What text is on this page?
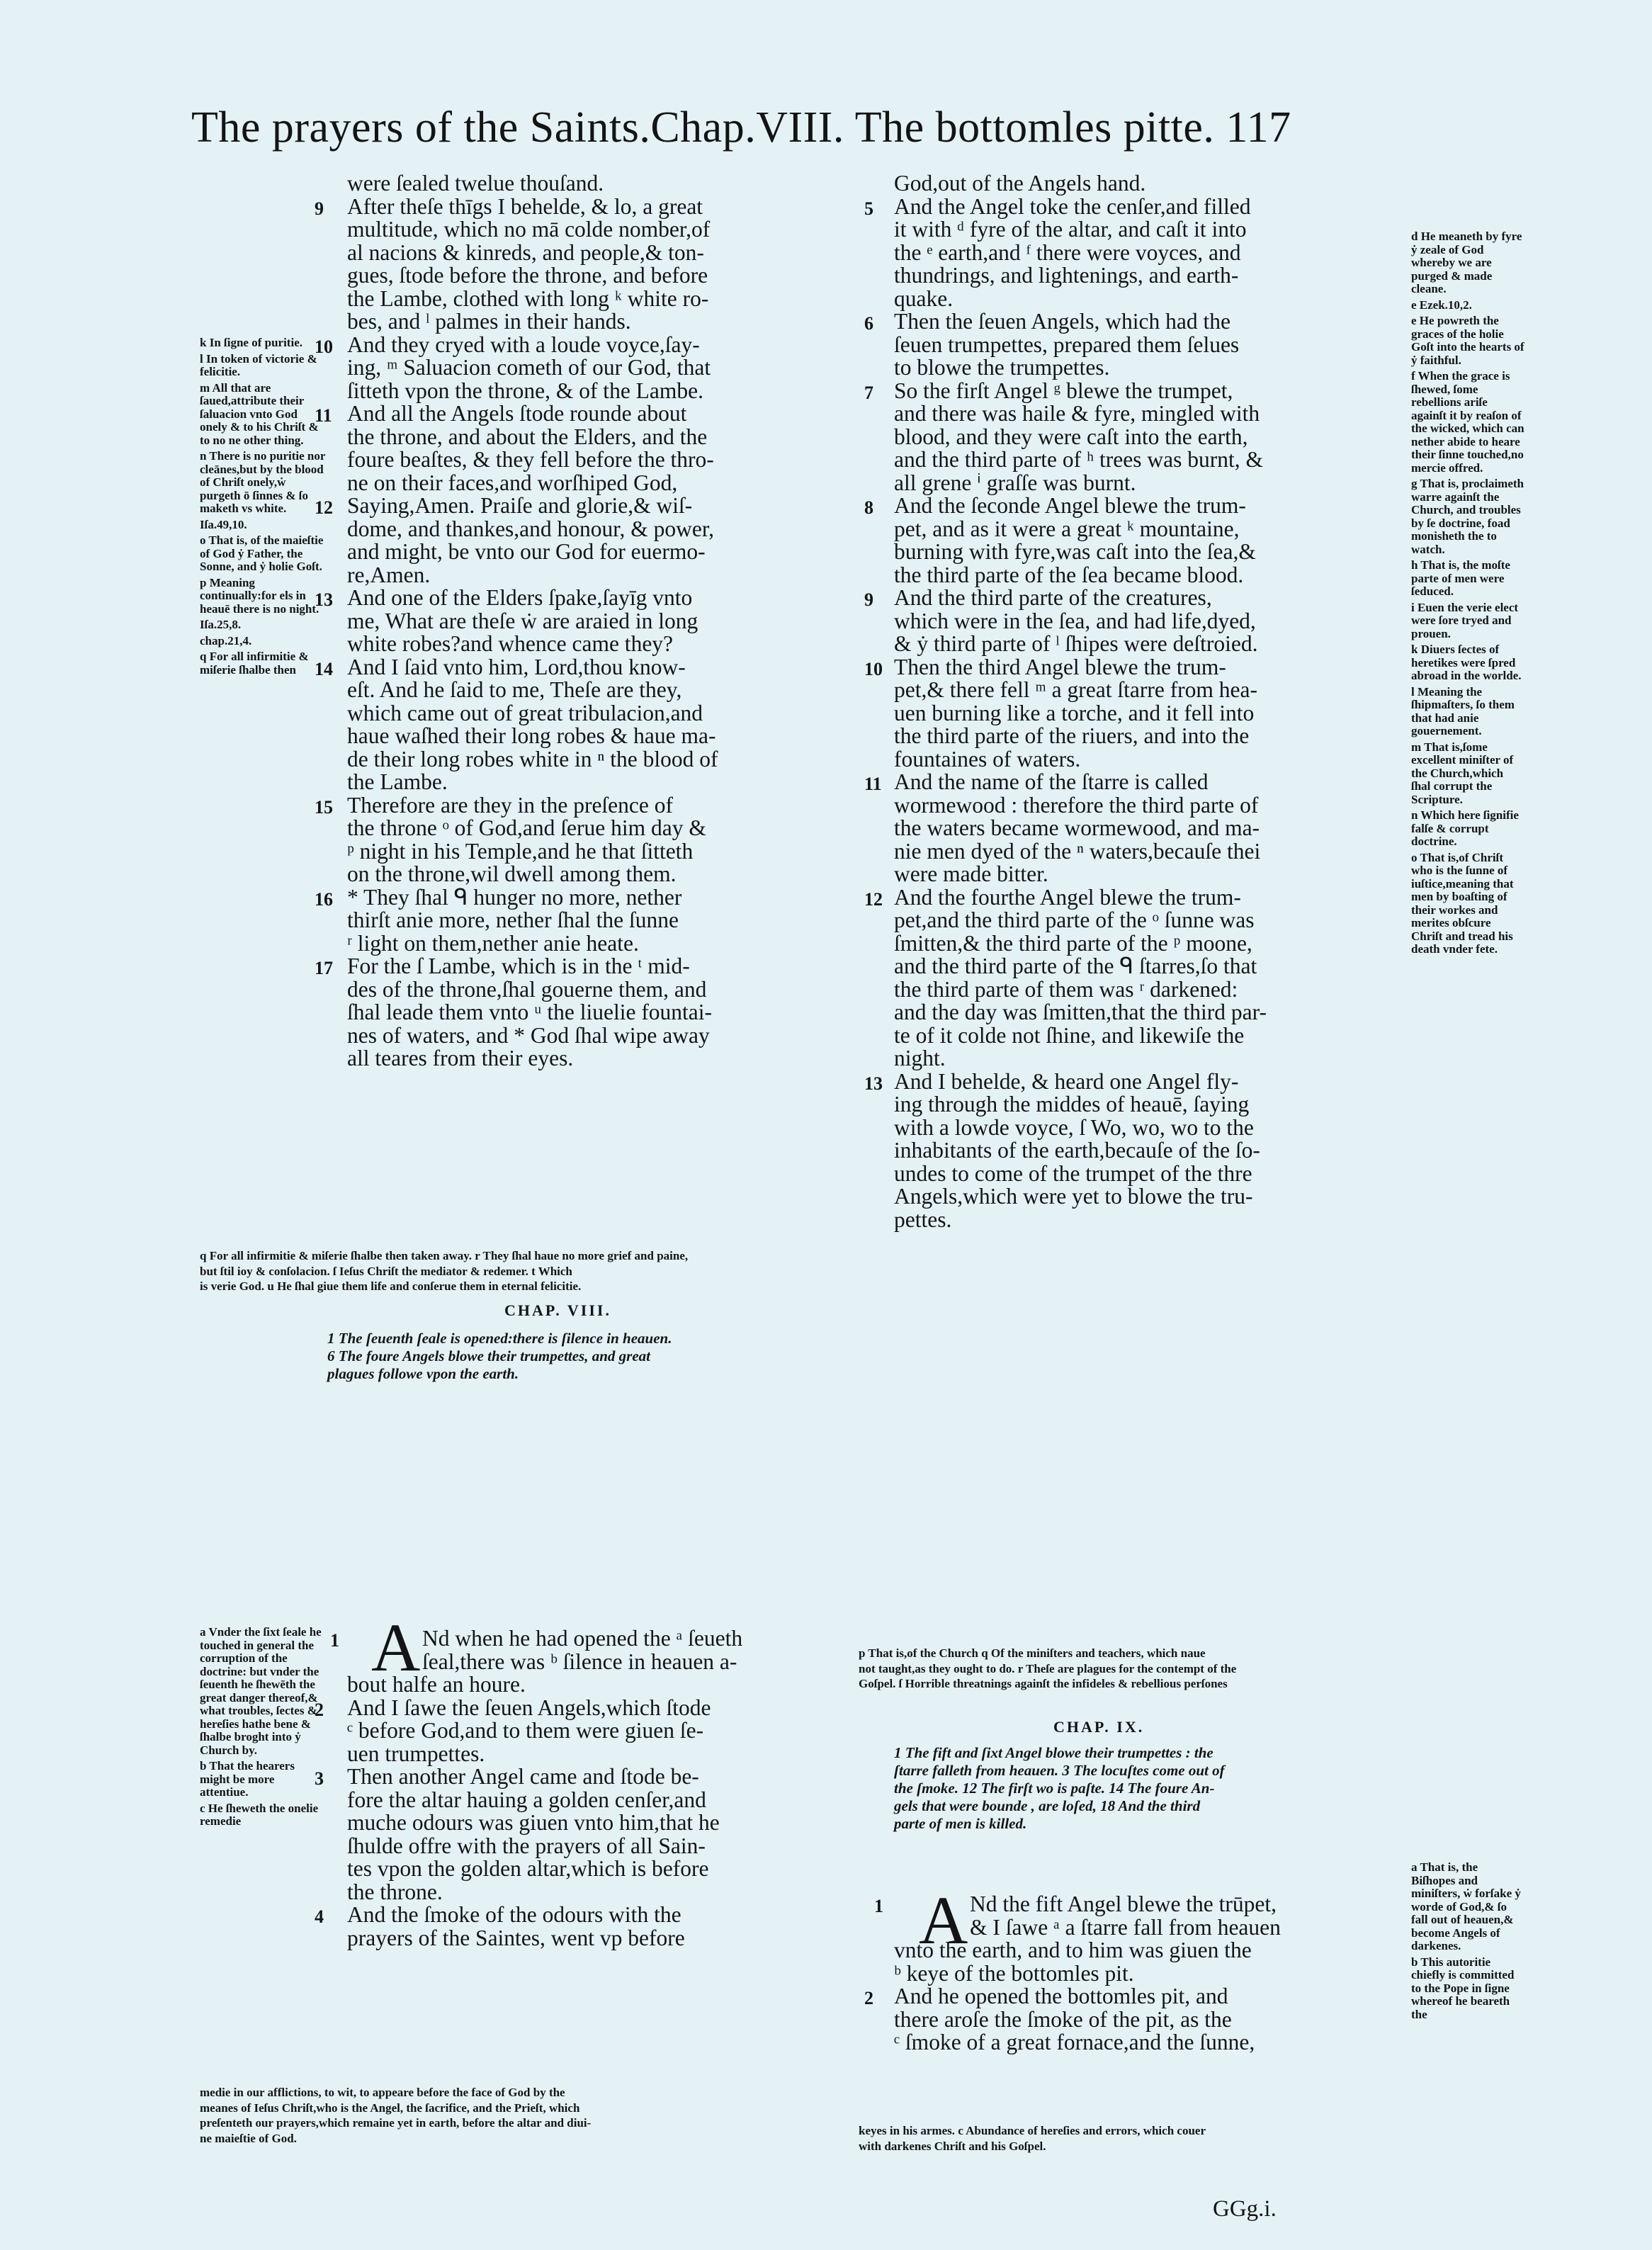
The prayers of the Saints.Chap.VIII. The bottomles pitte. 117
were ſealed twelue thouſand.
9 After theſe thīgs I behelde, & lo, a great
multitude, which no mā colde nomber,of
al nacions & kinreds, and people,& ton-
gues, ſtode before the throne, and before
the Lambe, clothed with long ᵏ white ro-
bes, and ˡ palmes in their hands.
10 And they cryed with a loude voyce,ſay-
ing, ᵐ Saluacion cometh of our God, that
ſitteth vpon the throne, & of the Lambe.
11 And all the Angels ſtode rounde about
the throne, and about the Elders, and the
foure beaſtes, & they fell before the thro-
ne on their faces,and worſhiped God,
12 Saying,Amen. Praiſe and glorie,& wiſ-
dome, and thankes,and honour, & power,
and might, be vnto our God for euermo-
re,Amen.
13 And one of the Elders ſpake,ſayīg vnto
me, What are theſe ẇ are araied in long
white robes?and whence came they?
14 And I ſaid vnto him, Lord,thou know-
eſt. And he ſaid to me, Theſe are they,
which came out of great tribulacion,and
haue waſhed their long robes & haue ma-
de their long robes white in ⁿ the blood of
the Lambe.
15 Therefore are they in the preſence of
the throne ᵒ of God,and ſerue him day &
ᵖ night in his Temple,and he that ſitteth
on the throne,wil dwell among them.
16 * They ſhal ᑫ hunger no more, nether
thirſt anie more, nether ſhal the ſunne
ʳ light on them,nether anie heate.
17 For the ſ Lambe, which is in the ᵗ mid-
des of the throne,ſhal gouerne them, and
ſhal leade them vnto ᵘ the liuelie fountai-
nes of waters, and * God ſhal wipe away
all teares from their eyes.
k In ſigne of puritie.
l In token of victorie & felicitie.
m All that are ſaued,attribute their ſaluacion vnto God onely & to his Chriſt & to no ne other thing.
n There is no puritie nor cleānes,but by the blood of Chriſt onely,ẇ purgeth ō ſinnes & ſo maketh vs white.
Iſa.49,10.
o That is, of the maieſtie of God ẏ Father, the Sonne, and ẏ holie Goſt.
p Meaning continually:for els in heauē there is no night.
Iſa.25,8.
chap.21,4.
q For all infirmitie & miſerie ſhalbe then
q For all infirmitie & miſerie ſhalbe then taken away. r They ſhal haue no more grief and paine,
but ſtil ioy & conſolacion. ſ Ieſus Chriſt the mediator & redemer. t Which
is verie God. u He ſhal giue them life and conſerue them in eternal felicitie.
CHAP. VIII.
1 The ſeuenth ſeale is opened:there is ſilence in heauen.
6 The foure Angels blowe their trumpettes, and great
plagues followe vpon the earth.
A Nd when he had opened the ᵃ ſeueth
ſeal,there was ᵇ ſilence in heauen a-
1
bout halfe an houre.
2 And I ſawe the ſeuen Angels,which ſtode
ᶜ before God,and to them were giuen ſe-
uen trumpettes.
3 Then another Angel came and ſtode be-
fore the altar hauing a golden cenſer,and
muche odours was giuen vnto him,that he
ſhulde offre with the prayers of all Sain-
tes vpon the golden altar,which is before
the throne.
4 And the ſmoke of the odours with the
prayers of the Saintes, went vp before
a Vnder the ſixt ſeale he touched in general the corruption of the doctrine: but vnder the ſeuenth he ſhewēth the great danger thereof,& what troubles, ſectes & hereſies hathe bene & ſhalbe broght into ẏ Church by.
b That the hearers might be more attentiue.
c He ſheweth the onelie remedie
medie in our afflictions, to wit, to appeare before the face of God by the
meanes of Ieſus Chriſt,who is the Angel, the ſacrifice, and the Prieſt, which
preſenteth our prayers,which remaine yet in earth, before the altar and diui-
ne maieſtie of God.
God,out of the Angels hand.
5 And the Angel toke the cenſer,and filled
it with ᵈ fyre of the altar, and caſt it into
the ᵉ earth,and ᶠ there were voyces, and
thundrings, and lightenings, and earth-
quake.
6 Then the ſeuen Angels, which had the
ſeuen trumpettes, prepared them ſelues
to blowe the trumpettes.
7 So the firſt Angel ᵍ blewe the trumpet,
and there was haile & fyre, mingled with
blood, and they were caſt into the earth,
and the third parte of ʰ trees was burnt, &
all grene ⁱ graſſe was burnt.
8 And the ſeconde Angel blewe the trum-
pet, and as it were a great ᵏ mountaine,
burning with fyre,was caſt into the ſea,&
the third parte of the ſea became blood.
9 And the third parte of the creatures,
which were in the ſea, and had life,dyed,
& ẏ third parte of ˡ ſhipes were deſtroied.
10 Then the third Angel blewe the trum-
pet,& there fell ᵐ a great ſtarre from hea-
uen burning like a torche, and it fell into
the third parte of the riuers, and into the
fountaines of waters.
11 And the name of the ſtarre is called
wormewood : therefore the third parte of
the waters became wormewood, and ma-
nie men dyed of the ⁿ waters,becauſe thei
were made bitter.
12 And the fourthe Angel blewe the trum-
pet,and the third parte of the ᵒ ſunne was
ſmitten,& the third parte of the ᵖ moone,
and the third parte of the ᑫ ſtarres,ſo that
the third parte of them was ʳ darkened:
and the day was ſmitten,that the third par-
te of it colde not ſhine, and likewiſe the
night.
13 And I behelde, & heard one Angel fly-
ing through the middes of heauē, ſaying
with a lowde voyce, ſ Wo, wo, wo to the
inhabitants of the earth,becauſe of the ſo-
undes to come of the trumpet of the thre
Angels,which were yet to blowe the tru-
pettes.
d He meaneth by fyre ẏ zeale of God whereby we are purged & made cleane.
e Ezek.10,2.
e He powreth the graces of the holie Goſt into the hearts of ẏ faithful.
f When the grace is ſhewed, ſome rebellions ariſe againſt it by reaſon of the wicked, which can nether abide to heare their ſinne touched,no mercie offred.
g That is, proclaimeth warre againſt the Church, and troubles by ſe doctrine, foad monisheth the to watch.
h That is, the moſte parte of men were ſeduced.
i Euen the verie elect were ſore tryed and prouen.
k Diuers ſectes of heretikes were ſpred abroad in the worlde.
l Meaning the ſhipmaſters, ſo them that had anie gouernement.
m That is,ſome excellent miniſter of the Church,which ſhal corrupt the Scripture.
n Which here ſignifie falſe & corrupt doctrine.
o That is,of Chriſt who is the ſunne of iuſtice,meaning that men by boaſting of their workes and merites obſcure Chriſt and tread his death vnder fete.
p That is,of the Church q Of the miniſters and teachers, which naue
not taught,as they ought to do. r Theſe are plagues for the contempt of the
Goſpel. ſ Horrible threatnings againſt the infideles & rebellious perſones
CHAP. IX.
1 The fift and ſixt Angel blowe their trumpettes : the
ſtarre falleth from heauen. 3 The locuſtes come out of
the ſmoke. 12 The firſt wo is paſte. 14 The foure An-
gels that were bounde , are loſed, 18 And the third
parte of men is killed.
A Nd the fift Angel blewe the trūpet,
& I ſawe ᵃ a ſtarre fall from heauen
1
vnto the earth, and to him was giuen the
ᵇ keye of the bottomles pit.
2 And he opened the bottomles pit, and
there aroſe the ſmoke of the pit, as the
ᶜ ſmoke of a great fornace,and the ſunne,
a That is, the Biſhopes and miniſters, ẇ forſake ẏ worde of God,& ſo fall out of heauen,& become Angels of darkenes.
b This autoritie chiefly is committed to the Pope in ſigne whereof he beareth the
keyes in his armes. c Abundance of hereſies and errors, which couer
with darkenes Chriſt and his Goſpel.
GGg.i.
